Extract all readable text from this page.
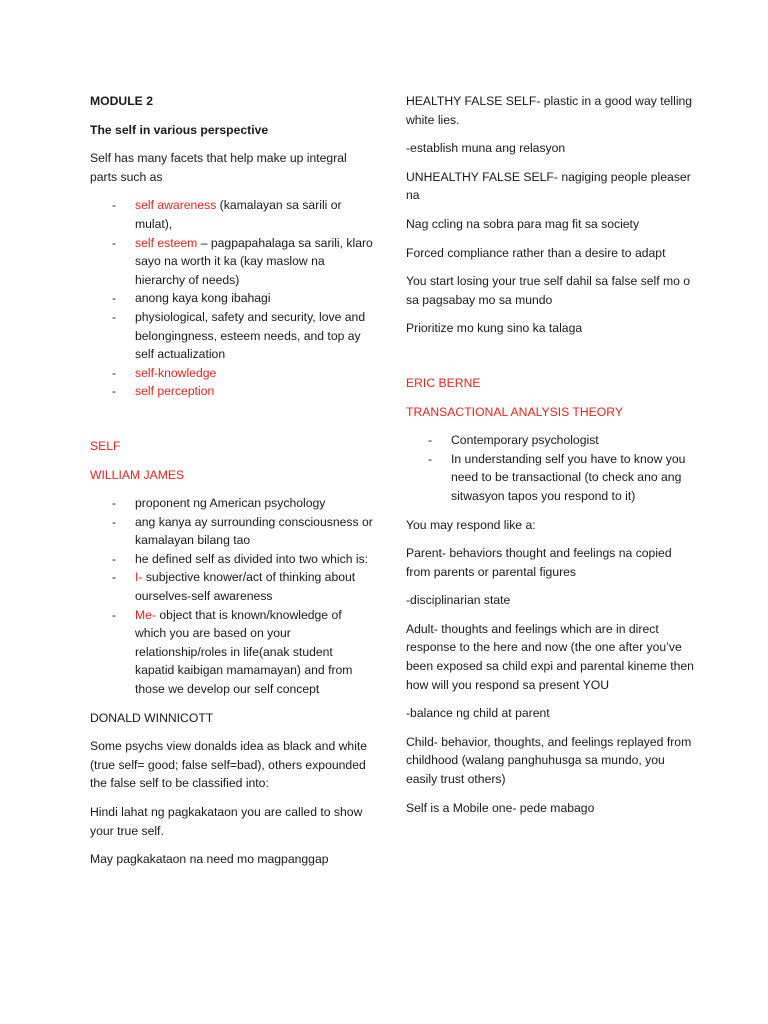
MODULE 2

The self in various perspective

Self has many facets that help make up integral parts such as

- self awareness (kamalayan sa sarili or mulat),
- self esteem – pagpapahalaga sa sarili, klaro sayo na worth it ka (kay maslow na hierarchy of needs)
- anong kaya kong ibahagi
- physiological, safety and security, love and belongingness, esteem needs, and top ay self actualization
- self-knowledge
- self perception

SELF

WILLIAM JAMES

- proponent ng American psychology
- ang kanya ay surrounding consciousness or kamalayan bilang tao
- he defined self as divided into two which is:
- I- subjective knower/act of thinking about ourselves-self awareness
- Me- object that is known/knowledge of which you are based on your relationship/roles in life(anak student kapatid kaibigan mamamayan) and from those we develop our self concept

DONALD WINNICOTT

Some psychs view donalds idea as black and white (true self= good; false self=bad), others expounded the false self to be classified into:

Hindi lahat ng pagkakataon you are called to show your true self.

May pagkakataon na need mo magpanggap

HEALTHY FALSE SELF- plastic in a good way telling white lies.

-establish muna ang relasyon

UNHEALTHY FALSE SELF- nagiging people pleaser na

Nag ccling na sobra para mag fit sa society

Forced compliance rather than a desire to adapt

You start losing your true self dahil sa false self mo o sa pagsabay mo sa mundo

Prioritize mo kung sino ka talaga

ERIC BERNE

TRANSACTIONAL ANALYSIS THEORY

- Contemporary psychologist
- In understanding self you have to know you need to be transactional (to check ano ang sitwasyon tapos you respond to it)

You may respond like a:

Parent- behaviors thought and feelings na copied from parents or parental figures

-disciplinarian state

Adult- thoughts and feelings which are in direct response to the here and now (the one after you’ve been exposed sa child expi and parental kineme then how will you respond sa present YOU

-balance ng child at parent

Child- behavior, thoughts, and feelings replayed from childhood (walang panghuhusga sa mundo, you easily trust others)

Self is a Mobile one- pede mabago
